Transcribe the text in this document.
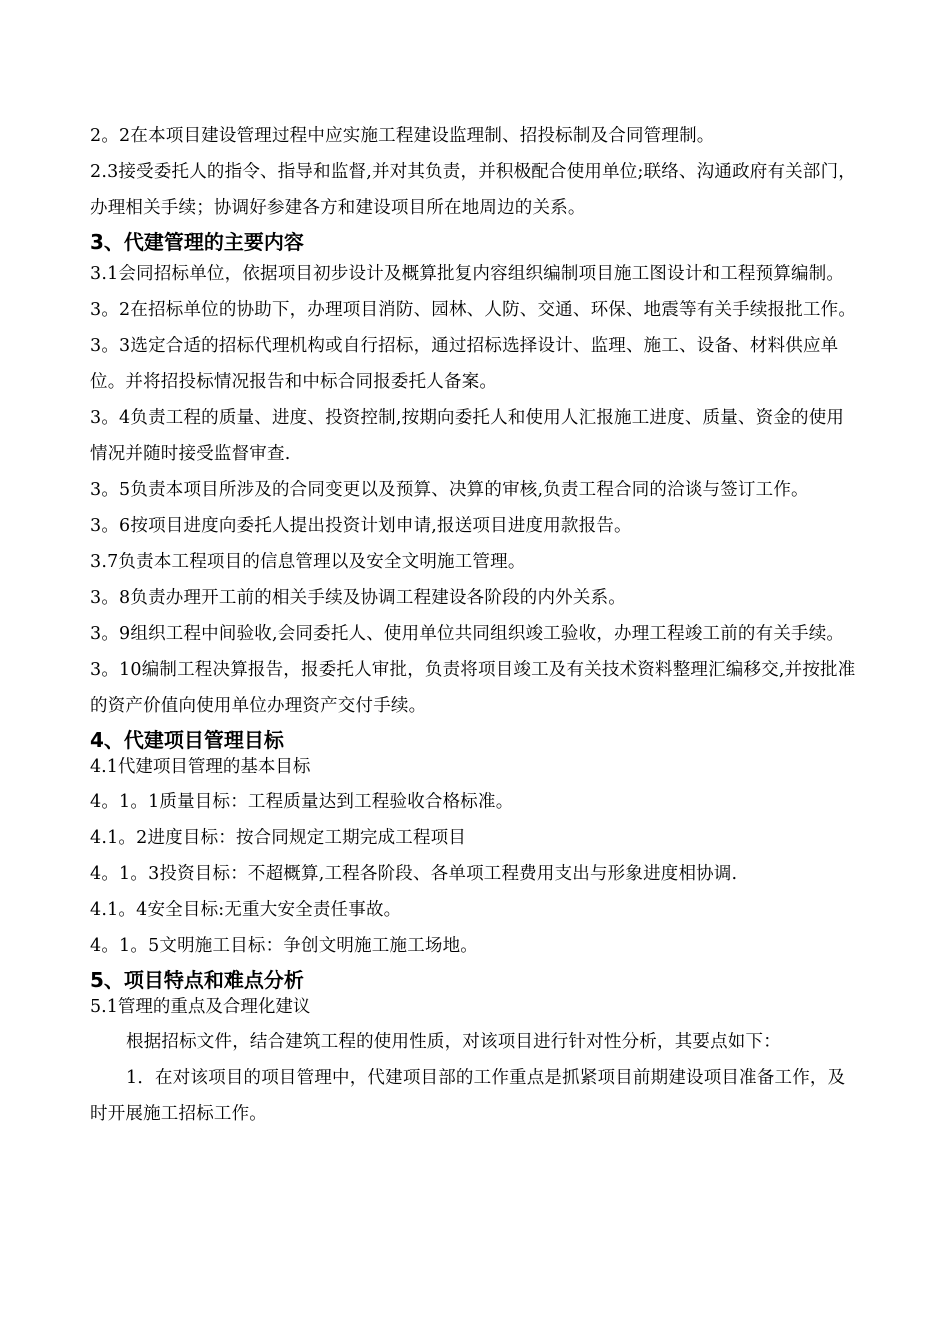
2。2在本项目建设管理过程中应实施工程建设监理制、招投标制及合同管理制。

2.3接受委托人的指令、指导和监督,并对其负责，并积极配合使用单位;联络、沟通政府有关部门，办理相关手续；协调好参建各方和建设项目所在地周边的关系。

3、代建管理的主要内容

3.1会同招标单位，依据项目初步设计及概算批复内容组织编制项目施工图设计和工程预算编制。

3。2在招标单位的协助下，办理项目消防、园林、人防、交通、环保、地震等有关手续报批工作。

3。3选定合适的招标代理机构或自行招标，通过招标选择设计、监理、施工、设备、材料供应单位。并将招投标情况报告和中标合同报委托人备案。

3。4负责工程的质量、进度、投资控制,按期向委托人和使用人汇报施工进度、质量、资金的使用情况并随时接受监督审查.

3。5负责本项目所涉及的合同变更以及预算、决算的审核,负责工程合同的洽谈与签订工作。

3。6按项目进度向委托人提出投资计划申请,报送项目进度用款报告。

3.7负责本工程项目的信息管理以及安全文明施工管理。

3。8负责办理开工前的相关手续及协调工程建设各阶段的内外关系。

3。9组织工程中间验收,会同委托人、使用单位共同组织竣工验收，办理工程竣工前的有关手续。

3。10编制工程决算报告，报委托人审批，负责将项目竣工及有关技术资料整理汇编移交,并按批准的资产价值向使用单位办理资产交付手续。

4、代建项目管理目标
4.1代建项目管理的基本目标

4。1。1质量目标：工程质量达到工程验收合格标准。

4.1。2进度目标：按合同规定工期完成工程项目

4。1。3投资目标：不超概算,工程各阶段、各单项工程费用支出与形象进度相协调.

4.1。4安全目标:无重大安全责任事故。

4。1。5文明施工目标：争创文明施工施工场地。

5、项目特点和难点分析
5.1管理的重点及合理化建议

根据招标文件，结合建筑工程的使用性质，对该项目进行针对性分析，其要点如下：

1．在对该项目的项目管理中，代建项目部的工作重点是抓紧项目前期建设项目准备工作，及时开展施工招标工作。
